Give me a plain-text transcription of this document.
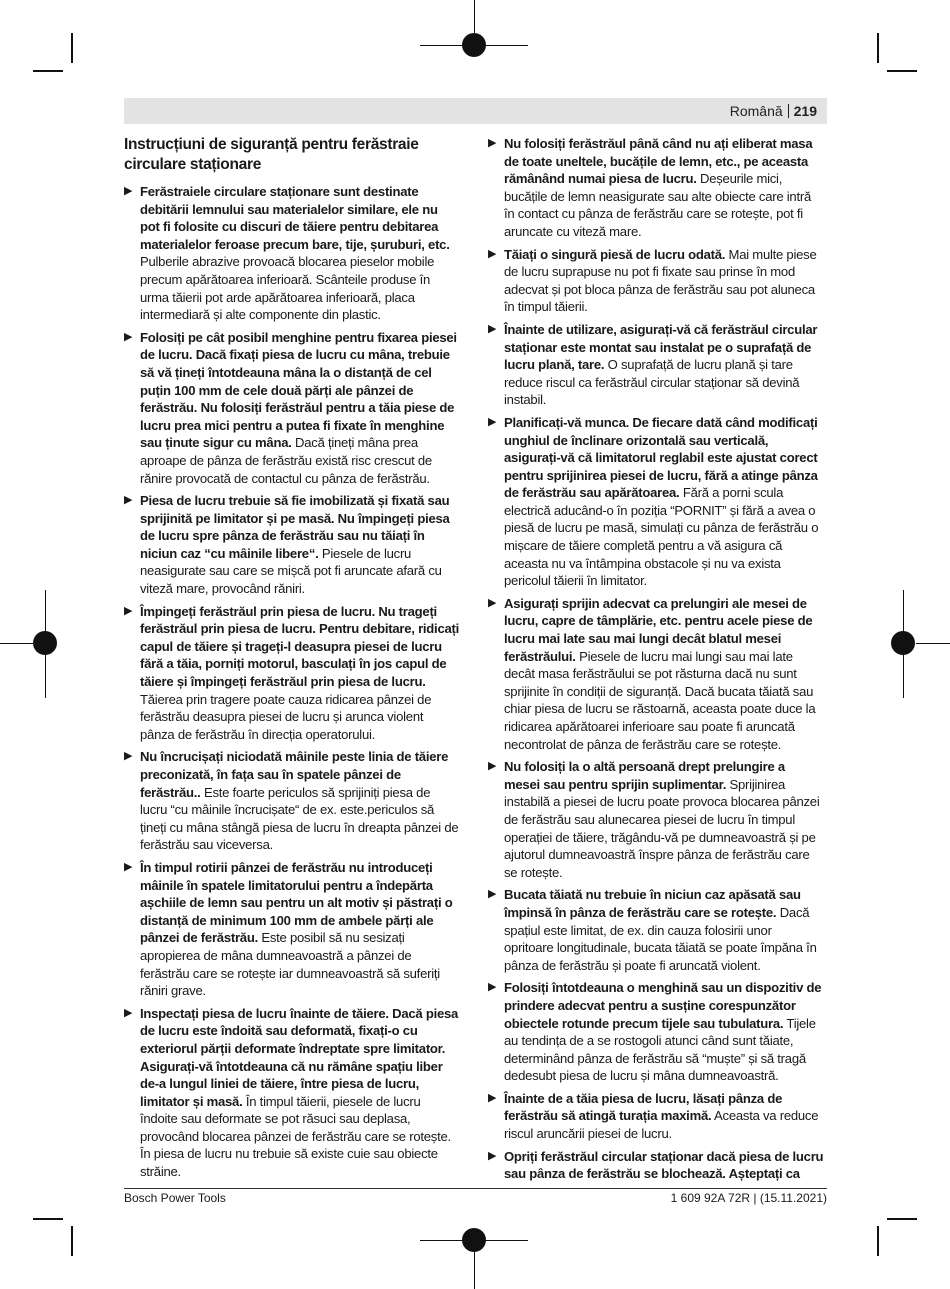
Română 219
Instrucțiuni de siguranță pentru ferăstraie circulare staționare
▶ Ferăstraiele circulare staționare sunt destinate debitării lemnului sau materialelor similare, ele nu pot fi folosite cu discuri de tăiere pentru debitarea materialelor feroase precum bare, tije, șuruburi, etc. Pulberile abrazive provoacă blocarea pieselor mobile precum apărătoarea inferioară. Scânteile produse în urma tăierii pot arde apărătoarea inferioară, placa intermediară și alte componente din plastic.
▶ Folosiți pe cât posibil menghine pentru fixarea piesei de lucru. Dacă fixați piesa de lucru cu mâna, trebuie să vă țineți întotdeauna mâna la o distanță de cel puțin 100 mm de cele două părți ale pânzei de ferăstrău. Nu folosiți ferăstrăul pentru a tăia piese de lucru prea mici pentru a putea fi fixate în menghine sau ținute sigur cu mâna. Dacă țineți mâna prea aproape de pânza de ferăstrău există risc crescut de rănire provocată de contactul cu pânza de ferăstrău.
▶ Piesa de lucru trebuie să fie imobilizată și fixată sau sprijinită pe limitator și pe masă. Nu împingeți piesa de lucru spre pânza de ferăstrău sau nu tăiați în niciun caz “cu mâinile libere“. Piesele de lucru neasigurate sau care se mișcă pot fi aruncate afară cu viteză mare, provocând răniri.
▶ Împingeți ferăstrăul prin piesa de lucru. Nu trageți ferăstrăul prin piesa de lucru. Pentru debitare, ridicați capul de tăiere și trageți-l deasupra piesei de lucru fără a tăia, porniți motorul, basculați în jos capul de tăiere și împingeți ferăstrăul prin piesa de lucru. Tăierea prin tragere poate cauza ridicarea pânzei de ferăstrău deasupra piesei de lucru și arunca violent pânza de ferăstrău în direcția operatorului.
▶ Nu încrucișați niciodată mâinile peste linia de tăiere preconizată, în fața sau în spatele pânzei de ferăstrău.. Este foarte periculos să sprijiniți piesa de lucru “cu mâinile încrucișate“ de ex. este.periculos să țineți cu mâna stângă piesa de lucru în dreapta pânzei de ferăstrău sau viceversa.
▶ În timpul rotirii pânzei de ferăstrău nu introduceți mâinile în spatele limitatorului pentru a îndepărta așchiile de lemn sau pentru un alt motiv și păstrați o distanță de minimum 100 mm de ambele părți ale pânzei de ferăstrău. Este posibil să nu sesizați apropierea de mâna dumneavoastră a pânzei de ferăstrău care se rotește iar dumneavoastră să suferiți răniri grave.
▶ Inspectați piesa de lucru înainte de tăiere. Dacă piesa de lucru este îndoită sau deformată, fixați-o cu exteriorul părții deformate îndreptate spre limitator. Asigurați-vă întotdeauna că nu rămâne spațiu liber de-a lungul liniei de tăiere, între piesa de lucru, limitator și masă. În timpul tăierii, piesele de lucru îndoite sau deformate se pot răsuci sau deplasa, provocând blocarea pânzei de ferăstrău care se rotește. În piesa de lucru nu trebuie să existe cuie sau obiecte străine.
▶ Nu folosiți ferăstrăul până când nu ați eliberat masa de toate uneltele, bucățile de lemn, etc., pe aceasta rămânând numai piesa de lucru. Deșeurile mici, bucățile de lemn neasigurate sau alte obiecte care intră în contact cu pânza de ferăstrău care se rotește, pot fi aruncate cu viteză mare.
▶ Tăiați o singură piesă de lucru odată. Mai multe piese de lucru suprapuse nu pot fi fixate sau prinse în mod adecvat și pot bloca pânza de ferăstrău sau pot aluneca în timpul tăierii.
▶ Înainte de utilizare, asigurați-vă că ferăstrăul circular staționar este montat sau instalat pe o suprafață de lucru plană, tare. O suprafață de lucru plană și tare reduce riscul ca ferăstrăul circular staționar să devină instabil.
▶ Planificați-vă munca. De fiecare dată când modificați unghiul de înclinare orizontală sau verticală, asigurați-vă că limitatorul reglabil este ajustat corect pentru sprijinirea piesei de lucru, fără a atinge pânza de ferăstrău sau apărătoarea. Fără a porni scula electrică aducând-o în poziția “PORNIT” și fără a avea o piesă de lucru pe masă, simulați cu pânza de ferăstrău o mișcare de tăiere completă pentru a vă asigura că aceasta nu va întâmpina obstacole și nu va exista pericolul tăierii în limitator.
▶ Asigurați sprijin adecvat ca prelungiri ale mesei de lucru, capre de tâmplărie, etc. pentru acele piese de lucru mai late sau mai lungi decât blatul mesei ferăstrăului. Piesele de lucru mai lungi sau mai late decât masa ferăstrăului se pot răsturna dacă nu sunt sprijinite în condiții de siguranță. Dacă bucata tăiată sau chiar piesa de lucru se răstoarnă, aceasta poate duce la ridicarea apărătoarei inferioare sau poate fi aruncată necontrolat de pânza de ferăstrău care se rotește.
▶ Nu folosiți la o altă persoană drept prelungire a mesei sau pentru sprijin suplimentar. Sprijinirea instabilă a piesei de lucru poate provoca blocarea pânzei de ferăstrău sau alunecarea piesei de lucru în timpul operației de tăiere, trăgându-vă pe dumneavoastră și pe ajutorul dumneavoastră înspre pânza de ferăstrău care se rotește.
▶ Bucata tăiată nu trebuie în niciun caz apăsată sau împinsă în pânza de ferăstrău care se rotește. Dacă spațiul este limitat, de ex. din cauza folosirii unor opritoare longitudinale, bucata tăiată se poate împăna în pânza de ferăstrău și poate fi aruncată violent.
▶ Folosiți întotdeauna o menghină sau un dispozitiv de prindere adecvat pentru a susține corespunzător obiectele rotunde precum tijele sau tubulatura. Tijele au tendința de a se rostogoli atunci când sunt tăiate, determinând pânza de ferăstrău să “muște” și să tragă dedesubt piesa de lucru și mâna dumneavoastră.
▶ Înainte de a tăia piesa de lucru, lăsați pânza de ferăstrău să atingă turația maximă. Aceasta va reduce riscul aruncării piesei de lucru.
▶ Opriți ferăstrăul circular staționar dacă piesa de lucru sau pânza de ferăstrău se blochează. Așteptați ca
Bosch Power Tools	1 609 92A 72R | (15.11.2021)
